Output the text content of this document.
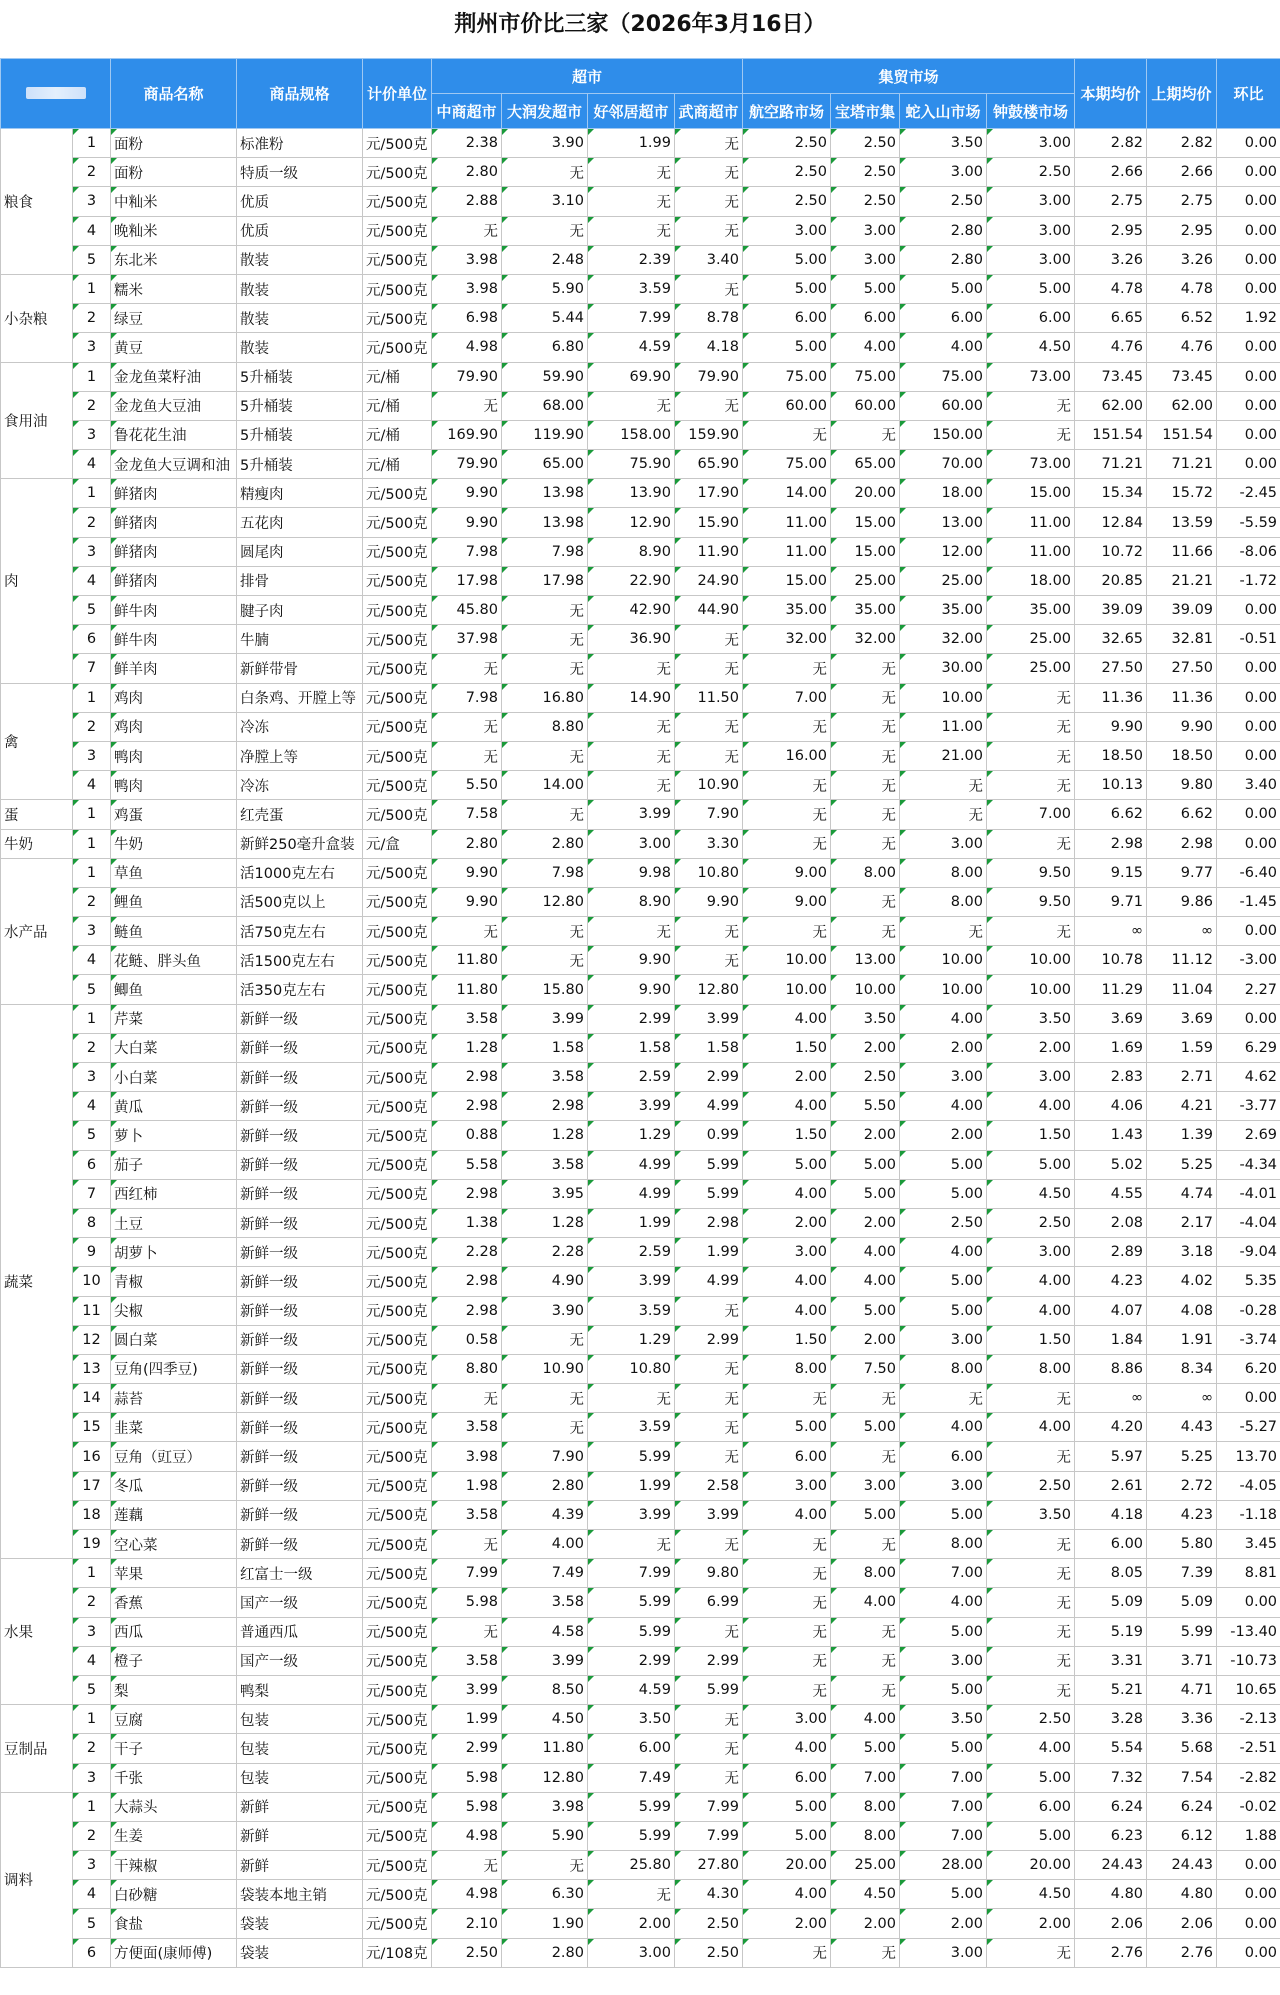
荆州市价比三家（2026年3月16日）
		商品名称	商品规格	计价单位	超市				集贸市场				本期均价	上期均价	环比
					中商超市	大润发超市	好邻居超市	武商超市	航空路市场	宝塔市集	蛇入山市场	钟鼓楼市场			
粮食	1	面粉	标准粉	元/500克	2.38	3.90	1.99	无	2.50	2.50	3.50	3.00	2.82	2.82	0.00
	2	面粉	特质一级	元/500克	2.80	无	无	无	2.50	2.50	3.00	2.50	2.66	2.66	0.00
	3	中籼米	优质	元/500克	2.88	3.10	无	无	2.50	2.50	2.50	3.00	2.75	2.75	0.00
	4	晚籼米	优质	元/500克	无	无	无	无	3.00	3.00	2.80	3.00	2.95	2.95	0.00
	5	东北米	散装	元/500克	3.98	2.48	2.39	3.40	5.00	3.00	2.80	3.00	3.26	3.26	0.00
小杂粮	1	糯米	散装	元/500克	3.98	5.90	3.59	无	5.00	5.00	5.00	5.00	4.78	4.78	0.00
	2	绿豆	散装	元/500克	6.98	5.44	7.99	8.78	6.00	6.00	6.00	6.00	6.65	6.52	1.92
	3	黄豆	散装	元/500克	4.98	6.80	4.59	4.18	5.00	4.00	4.00	4.50	4.76	4.76	0.00
食用油	1	金龙鱼菜籽油	5升桶装	元/桶	79.90	59.90	69.90	79.90	75.00	75.00	75.00	73.00	73.45	73.45	0.00
	2	金龙鱼大豆油	5升桶装	元/桶	无	68.00	无	无	60.00	60.00	60.00	无	62.00	62.00	0.00
	3	鲁花花生油	5升桶装	元/桶	169.90	119.90	158.00	159.90	无	无	150.00	无	151.54	151.54	0.00
	4	金龙鱼大豆调和油	5升桶装	元/桶	79.90	65.00	75.90	65.90	75.00	65.00	70.00	73.00	71.21	71.21	0.00
肉	1	鲜猪肉	精瘦肉	元/500克	9.90	13.98	13.90	17.90	14.00	20.00	18.00	15.00	15.34	15.72	-2.45
	2	鲜猪肉	五花肉	元/500克	9.90	13.98	12.90	15.90	11.00	15.00	13.00	11.00	12.84	13.59	-5.59
	3	鲜猪肉	圆尾肉	元/500克	7.98	7.98	8.90	11.90	11.00	15.00	12.00	11.00	10.72	11.66	-8.06
	4	鲜猪肉	排骨	元/500克	17.98	17.98	22.90	24.90	15.00	25.00	25.00	18.00	20.85	21.21	-1.72
	5	鲜牛肉	腱子肉	元/500克	45.80	无	42.90	44.90	35.00	35.00	35.00	35.00	39.09	39.09	0.00
	6	鲜牛肉	牛腩	元/500克	37.98	无	36.90	无	32.00	32.00	32.00	25.00	32.65	32.81	-0.51
	7	鲜羊肉	新鲜带骨	元/500克	无	无	无	无	无	无	30.00	25.00	27.50	27.50	0.00
禽	1	鸡肉	白条鸡、开膛上等	元/500克	7.98	16.80	14.90	11.50	7.00	无	10.00	无	11.36	11.36	0.00
	2	鸡肉	冷冻	元/500克	无	8.80	无	无	无	无	11.00	无	9.90	9.90	0.00
	3	鸭肉	净膛上等	元/500克	无	无	无	无	16.00	无	21.00	无	18.50	18.50	0.00
	4	鸭肉	冷冻	元/500克	5.50	14.00	无	10.90	无	无	无	无	10.13	9.80	3.40
蛋	1	鸡蛋	红壳蛋	元/500克	7.58	无	3.99	7.90	无	无	无	7.00	6.62	6.62	0.00
牛奶	1	牛奶	新鲜250毫升盒装	元/盒	2.80	2.80	3.00	3.30	无	无	3.00	无	2.98	2.98	0.00
水产品	1	草鱼	活1000克左右	元/500克	9.90	7.98	9.98	10.80	9.00	8.00	8.00	9.50	9.15	9.77	-6.40
	2	鲤鱼	活500克以上	元/500克	9.90	12.80	8.90	9.90	9.00	无	8.00	9.50	9.71	9.86	-1.45
	3	鲢鱼	活750克左右	元/500克	无	无	无	无	无	无	无	无	∞	∞	0.00
	4	花鲢、胖头鱼	活1500克左右	元/500克	11.80	无	9.90	无	10.00	13.00	10.00	10.00	10.78	11.12	-3.00
	5	鲫鱼	活350克左右	元/500克	11.80	15.80	9.90	12.80	10.00	10.00	10.00	10.00	11.29	11.04	2.27
蔬菜	1	芹菜	新鲜一级	元/500克	3.58	3.99	2.99	3.99	4.00	3.50	4.00	3.50	3.69	3.69	0.00
	2	大白菜	新鲜一级	元/500克	1.28	1.58	1.58	1.58	1.50	2.00	2.00	2.00	1.69	1.59	6.29
	3	小白菜	新鲜一级	元/500克	2.98	3.58	2.59	2.99	2.00	2.50	3.00	3.00	2.83	2.71	4.62
	4	黄瓜	新鲜一级	元/500克	2.98	2.98	3.99	4.99	4.00	5.50	4.00	4.00	4.06	4.21	-3.77
	5	萝卜	新鲜一级	元/500克	0.88	1.28	1.29	0.99	1.50	2.00	2.00	1.50	1.43	1.39	2.69
	6	茄子	新鲜一级	元/500克	5.58	3.58	4.99	5.99	5.00	5.00	5.00	5.00	5.02	5.25	-4.34
	7	西红柿	新鲜一级	元/500克	2.98	3.95	4.99	5.99	4.00	5.00	5.00	4.50	4.55	4.74	-4.01
	8	土豆	新鲜一级	元/500克	1.38	1.28	1.99	2.98	2.00	2.00	2.50	2.50	2.08	2.17	-4.04
	9	胡萝卜	新鲜一级	元/500克	2.28	2.28	2.59	1.99	3.00	4.00	4.00	3.00	2.89	3.18	-9.04
	10	青椒	新鲜一级	元/500克	2.98	4.90	3.99	4.99	4.00	4.00	5.00	4.00	4.23	4.02	5.35
	11	尖椒	新鲜一级	元/500克	2.98	3.90	3.59	无	4.00	5.00	5.00	4.00	4.07	4.08	-0.28
	12	圆白菜	新鲜一级	元/500克	0.58	无	1.29	2.99	1.50	2.00	3.00	1.50	1.84	1.91	-3.74
	13	豆角(四季豆)	新鲜一级	元/500克	8.80	10.90	10.80	无	8.00	7.50	8.00	8.00	8.86	8.34	6.20
	14	蒜苔	新鲜一级	元/500克	无	无	无	无	无	无	无	无	∞	∞	0.00
	15	韭菜	新鲜一级	元/500克	3.58	无	3.59	无	5.00	5.00	4.00	4.00	4.20	4.43	-5.27
	16	豆角（豇豆）	新鲜一级	元/500克	3.98	7.90	5.99	无	6.00	无	6.00	无	5.97	5.25	13.70
	17	冬瓜	新鲜一级	元/500克	1.98	2.80	1.99	2.58	3.00	3.00	3.00	2.50	2.61	2.72	-4.05
	18	莲藕	新鲜一级	元/500克	3.58	4.39	3.99	3.99	4.00	5.00	5.00	3.50	4.18	4.23	-1.18
	19	空心菜	新鲜一级	元/500克	无	4.00	无	无	无	无	8.00	无	6.00	5.80	3.45
水果	1	苹果	红富士一级	元/500克	7.99	7.49	7.99	9.80	无	8.00	7.00	无	8.05	7.39	8.81
	2	香蕉	国产一级	元/500克	5.98	3.58	5.99	6.99	无	4.00	4.00	无	5.09	5.09	0.00
	3	西瓜	普通西瓜	元/500克	无	4.58	5.99	无	无	无	5.00	无	5.19	5.99	-13.40
	4	橙子	国产一级	元/500克	3.58	3.99	2.99	2.99	无	无	3.00	无	3.31	3.71	-10.73
	5	梨	鸭梨	元/500克	3.99	8.50	4.59	5.99	无	无	5.00	无	5.21	4.71	10.65
豆制品	1	豆腐	包装	元/500克	1.99	4.50	3.50	无	3.00	4.00	3.50	2.50	3.28	3.36	-2.13
	2	干子	包装	元/500克	2.99	11.80	6.00	无	4.00	5.00	5.00	4.00	5.54	5.68	-2.51
	3	千张	包装	元/500克	5.98	12.80	7.49	无	6.00	7.00	7.00	5.00	7.32	7.54	-2.82
调料	1	大蒜头	新鲜	元/500克	5.98	3.98	5.99	7.99	5.00	8.00	7.00	6.00	6.24	6.24	-0.02
	2	生姜	新鲜	元/500克	4.98	5.90	5.99	7.99	5.00	8.00	7.00	5.00	6.23	6.12	1.88
	3	干辣椒	新鲜	元/500克	无	无	25.80	27.80	20.00	25.00	28.00	20.00	24.43	24.43	0.00
	4	白砂糖	袋装本地主销	元/500克	4.98	6.30	无	4.30	4.00	4.50	5.00	4.50	4.80	4.80	0.00
	5	食盐	袋装	元/500克	2.10	1.90	2.00	2.50	2.00	2.00	2.00	2.00	2.06	2.06	0.00
	6	方便面(康师傅)	袋装	元/108克	2.50	2.80	3.00	2.50	无	无	3.00	无	2.76	2.76	0.00
